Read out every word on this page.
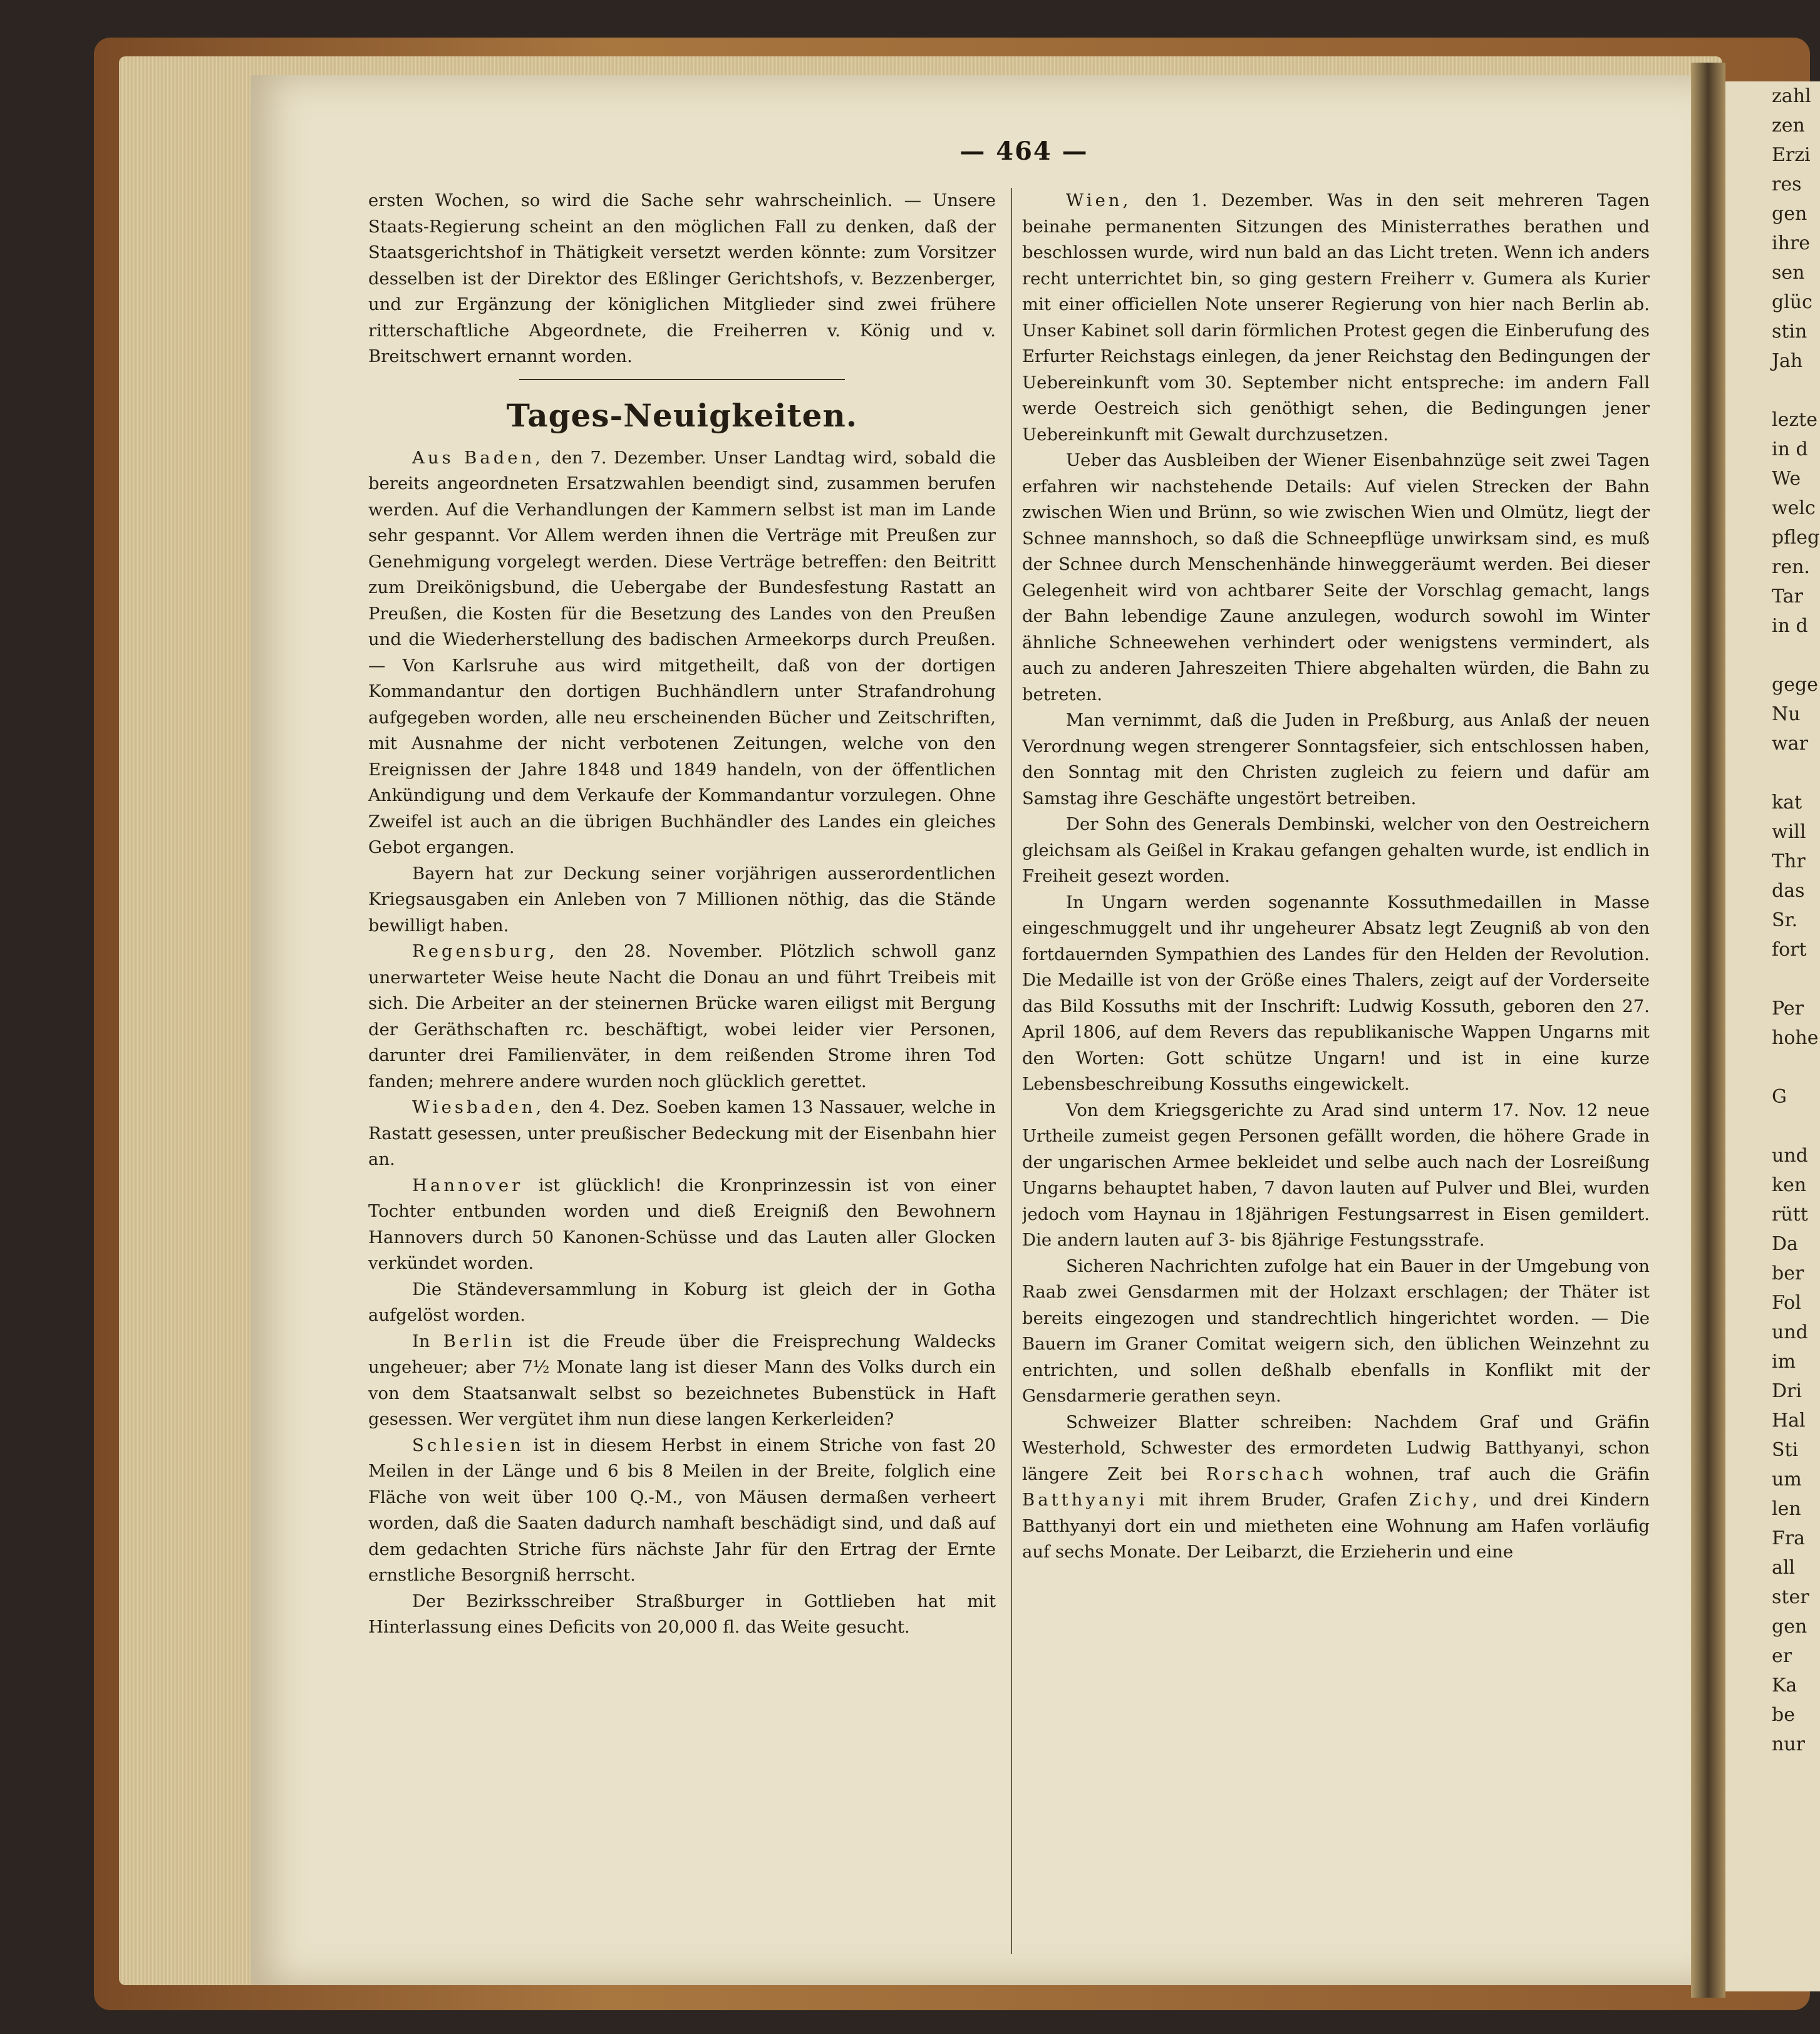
zahl
zen
Erzi
res
gen
ihre
sen
glüc
stin
Jah
lezte
in d
We
welc
pfleg
ren.
Tar
in d
gege
Nu
war
kat
will
Thr
das
Sr.
fort
Per
hohe
G
und
ken
rütt
Da
ber
Fol
und
im
Dri
Hal
Sti
um
len
Fra
all
ster
gen
er
Ka
be
nur
— 464 —

ersten Wochen, so wird die Sache sehr wahrscheinlich. — Unsere Staats-Regierung scheint an den möglichen Fall zu denken, daß der Staatsgerichtshof in Thätigkeit versetzt werden könnte: zum Vorsitzer desselben ist der Direktor des Eßlinger Gerichtshofs, v. Bezzenberger, und zur Ergänzung der königlichen Mitglieder sind zwei frühere ritterschaftliche Abgeordnete, die Freiherren v. König und v. Breitschwert ernannt worden.

Tages-Neuigkeiten.

Aus Baden, den 7. Dezember. Unser Landtag wird, sobald die bereits angeordneten Ersatzwahlen beendigt sind, zusammen berufen werden. Auf die Verhandlungen der Kammern selbst ist man im Lande sehr gespannt. Vor Allem werden ihnen die Verträge mit Preußen zur Genehmigung vorgelegt werden. Diese Verträge betreffen: den Beitritt zum Dreikönigsbund, die Uebergabe der Bundesfestung Rastatt an Preußen, die Kosten für die Besetzung des Landes von den Preußen und die Wiederherstellung des badischen Armeekorps durch Preußen. — Von Karlsruhe aus wird mitgetheilt, daß von der dortigen Kommandantur den dortigen Buchhändlern unter Strafandrohung aufgegeben worden, alle neu erscheinenden Bücher und Zeitschriften, mit Ausnahme der nicht verbotenen Zeitungen, welche von den Ereignissen der Jahre 1848 und 1849 handeln, von der öffentlichen Ankündigung und dem Verkaufe der Kommandantur vorzulegen. Ohne Zweifel ist auch an die übrigen Buchhändler des Landes ein gleiches Gebot ergangen.

Bayern hat zur Deckung seiner vorjährigen ausserordentlichen Kriegsausgaben ein Anleben von 7 Millionen nöthig, das die Stände bewilligt haben.

Regensburg, den 28. November. Plötzlich schwoll ganz unerwarteter Weise heute Nacht die Donau an und führt Treibeis mit sich. Die Arbeiter an der steinernen Brücke waren eiligst mit Bergung der Geräthschaften rc. beschäftigt, wobei leider vier Personen, darunter drei Familienväter, in dem reißenden Strome ihren Tod fanden; mehrere andere wurden noch glücklich gerettet.

Wiesbaden, den 4. Dez. Soeben kamen 13 Nassauer, welche in Rastatt gesessen, unter preußischer Bedeckung mit der Eisenbahn hier an.

Hannover ist glücklich! die Kronprinzessin ist von einer Tochter entbunden worden und dieß Ereigniß den Bewohnern Hannovers durch 50 Kanonen-Schüsse und das Lauten aller Glocken verkündet worden.

Die Ständeversammlung in Koburg ist gleich der in Gotha aufgelöst worden.

In Berlin ist die Freude über die Freisprechung Waldecks ungeheuer; aber 7½ Monate lang ist dieser Mann des Volks durch ein von dem Staatsanwalt selbst so bezeichnetes Bubenstück in Haft gesessen. Wer vergütet ihm nun diese langen Kerkerleiden?

Schlesien ist in diesem Herbst in einem Striche von fast 20 Meilen in der Länge und 6 bis 8 Meilen in der Breite, folglich eine Fläche von weit über 100 Q.-M., von Mäusen dermaßen verheert worden, daß die Saaten dadurch namhaft beschädigt sind, und daß auf dem gedachten Striche fürs nächste Jahr für den Ertrag der Ernte ernstliche Besorgniß herrscht.

Der Bezirksschreiber Straßburger in Gottlieben hat mit Hinterlassung eines Deficits von 20,000 fl. das Weite gesucht.

Wien, den 1. Dezember. Was in den seit mehreren Tagen beinahe permanenten Sitzungen des Ministerrathes berathen und beschlossen wurde, wird nun bald an das Licht treten. Wenn ich anders recht unterrichtet bin, so ging gestern Freiherr v. Gumera als Kurier mit einer officiellen Note unserer Regierung von hier nach Berlin ab. Unser Kabinet soll darin förmlichen Protest gegen die Einberufung des Erfurter Reichstags einlegen, da jener Reichstag den Bedingungen der Uebereinkunft vom 30. September nicht entspreche: im andern Fall werde Oestreich sich genöthigt sehen, die Bedingungen jener Uebereinkunft mit Gewalt durchzusetzen.

Ueber das Ausbleiben der Wiener Eisenbahnzüge seit zwei Tagen erfahren wir nachstehende Details: Auf vielen Strecken der Bahn zwischen Wien und Brünn, so wie zwischen Wien und Olmütz, liegt der Schnee mannshoch, so daß die Schneepflüge unwirksam sind, es muß der Schnee durch Menschenhände hinweggeräumt werden. Bei dieser Gelegenheit wird von achtbarer Seite der Vorschlag gemacht, langs der Bahn lebendige Zaune anzulegen, wodurch sowohl im Winter ähnliche Schneewehen verhindert oder wenigstens vermindert, als auch zu anderen Jahreszeiten Thiere abgehalten würden, die Bahn zu betreten.

Man vernimmt, daß die Juden in Preßburg, aus Anlaß der neuen Verordnung wegen strengerer Sonntagsfeier, sich entschlossen haben, den Sonntag mit den Christen zugleich zu feiern und dafür am Samstag ihre Geschäfte ungestört betreiben.

Der Sohn des Generals Dembinski, welcher von den Oestreichern gleichsam als Geißel in Krakau gefangen gehalten wurde, ist endlich in Freiheit gesezt worden.

In Ungarn werden sogenannte Kossuthmedaillen in Masse eingeschmuggelt und ihr ungeheurer Absatz legt Zeugniß ab von den fortdauernden Sympathien des Landes für den Helden der Revolution. Die Medaille ist von der Größe eines Thalers, zeigt auf der Vorderseite das Bild Kossuths mit der Inschrift: Ludwig Kossuth, geboren den 27. April 1806, auf dem Revers das republikanische Wappen Ungarns mit den Worten: Gott schütze Ungarn! und ist in eine kurze Lebensbeschreibung Kossuths eingewickelt.

Von dem Kriegsgerichte zu Arad sind unterm 17. Nov. 12 neue Urtheile zumeist gegen Personen gefällt worden, die höhere Grade in der ungarischen Armee bekleidet und selbe auch nach der Losreißung Ungarns behauptet haben, 7 davon lauten auf Pulver und Blei, wurden jedoch vom Haynau in 18jährigen Festungsarrest in Eisen gemildert. Die andern lauten auf 3- bis 8jährige Festungsstrafe.

Sicheren Nachrichten zufolge hat ein Bauer in der Umgebung von Raab zwei Gensdarmen mit der Holzaxt erschlagen; der Thäter ist bereits eingezogen und standrechtlich hingerichtet worden. — Die Bauern im Graner Comitat weigern sich, den üblichen Weinzehnt zu entrichten, und sollen deßhalb ebenfalls in Konflikt mit der Gensdarmerie gerathen seyn.

Schweizer Blatter schreiben: Nachdem Graf und Gräfin Westerhold, Schwester des ermordeten Ludwig Batthyanyi, schon längere Zeit bei Rorschach wohnen, traf auch die Gräfin Batthyanyi mit ihrem Bruder, Grafen Zichy, und drei Kindern Batthyanyi dort ein und mietheten eine Wohnung am Hafen vorläufig auf sechs Monate. Der Leibarzt, die Erzieherin und eine
